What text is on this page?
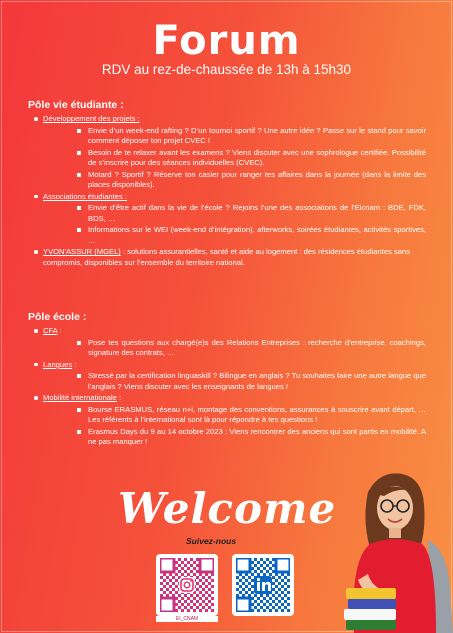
Forum
RDV au rez-de-chaussée de 13h à 15h30
Pôle vie étudiante :
Développement des projets :
Envie d’un week-end rafting ? D’un tournoi sportif ? Une autre idée ? Passe sur le stand pour savoir comment déposer ton projet CVEC !
Besoin de te relaxer avant les examens ? Viens discuter avec une sophrologue certifiée. Possibilité de s’inscrire pour des séances individuelles (CVEC).
Motard ? Sportif ? Réserve ton casier pour ranger tes affaires dans la journée (dans la limite des places disponibles).
Associations étudiantes :
Envie d’être actif dans la vie de l’école ? Rejoins l’une des associations de l’Eicnam : BDE, FDK, BDS, …
Informations sur le WEI (week-end d’intégration), afterworks, soirées étudiantes, activités sportives, …
YVON'ASSUR (MGEL) : solutions assurantielles, santé et aide au logement : des résidences étudiantes sans compromis, disponibles sur l’ensemble du territoire national.
Pôle école :
CFA :
Pose tes questions aux chargé(e)s des Relations Entreprises : recherche d’entreprise, coachings, signature des contrats, …
Langues :
Stressé par la certification linguaskill ? Bilingue en anglais ? Tu souhaites faire une autre langue que l’anglais ? Viens discuter avec les enseignants de langues !
Mobilité internationale :
Bourse ERASMUS, réseau n+i, montage des conventions, assurances à souscrire avant départ, … Les référents à l’international sont là pour répondre à tes questions !
Erasmus Days du 9 au 14 octobre 2023 : Viens rencontrer des anciens qui sont partis en mobilité. A ne pas manquer !
Welcome
Suivez-nous
EI_CNAM
